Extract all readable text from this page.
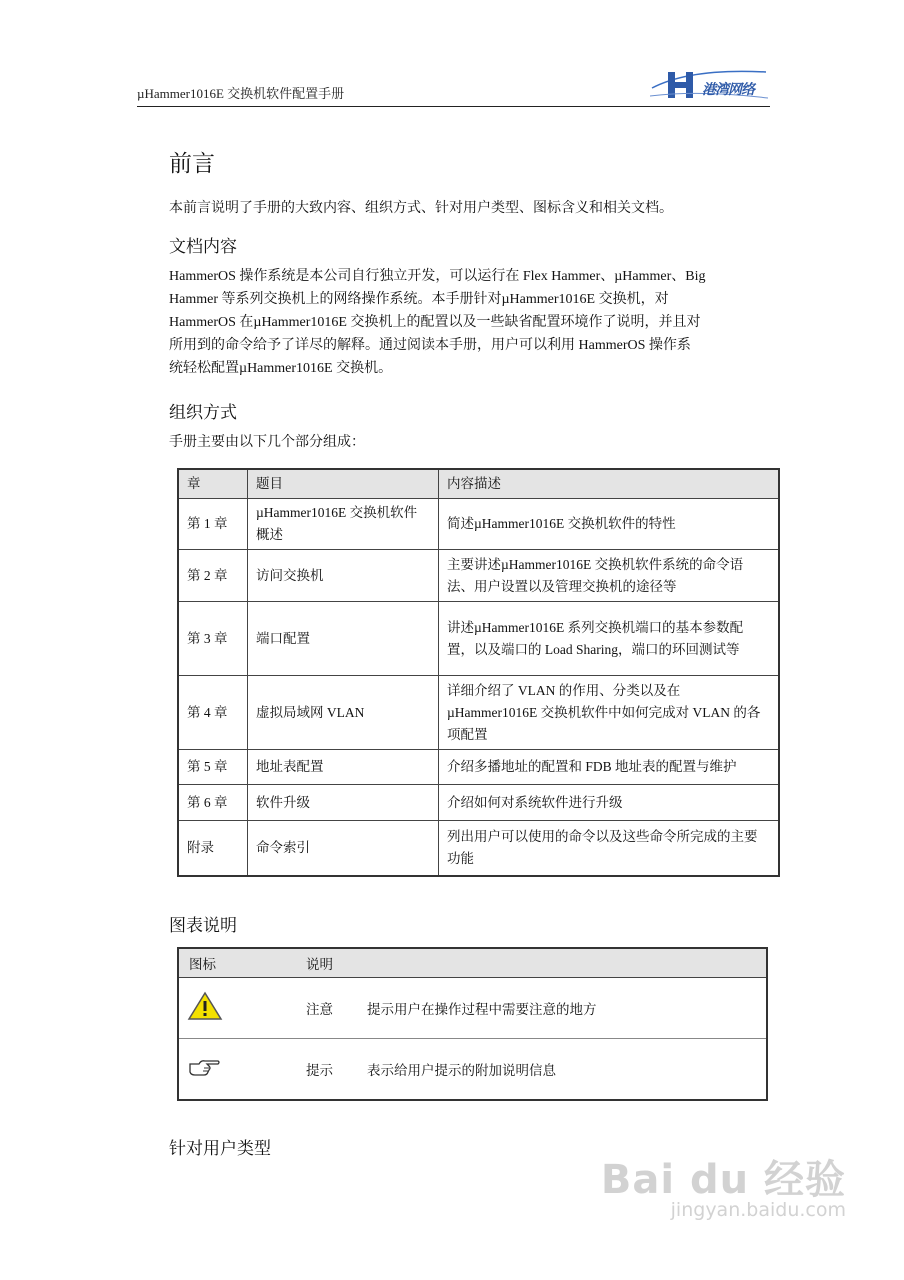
µHammer1016E 交换机软件配置手册	港湾网络
前言

本前言说明了手册的大致内容、组织方式、针对用户类型、图标含义和相关文档。

文档内容

HammerOS 操作系统是本公司自行独立开发，可以运行在 Flex Hammer、µHammer、Big
Hammer 等系列交换机上的网络操作系统。本手册针对µHammer1016E 交换机，对
HammerOS 在µHammer1016E 交换机上的配置以及一些缺省配置环境作了说明，并且对
所用到的命令给予了详尽的解释。通过阅读本手册，用户可以利用 HammerOS 操作系
统轻松配置µHammer1016E 交换机。

组织方式

手册主要由以下几个部分组成：

图表说明
针对用户类型
章	题目	内容描述
第 1 章	µHammer1016E 交换机软件概述	简述µHammer1016E 交换机软件的特性
第 2 章	访问交换机	主要讲述µHammer1016E 交换机软件系统的命令语法、用户设置以及管理交换机的途径等
第 3 章	端口配置	讲述µHammer1016E 系列交换机端口的基本参数配置，以及端口的 Load Sharing，端口的环回测试等
第 4 章	虚拟局域网 VLAN	详细介绍了 VLAN 的作用、分类以及在µHammer1016E 交换机软件中如何完成对 VLAN 的各项配置
第 5 章	地址表配置	介绍多播地址的配置和 FDB 地址表的配置与维护
第 6 章	软件升级	介绍如何对系统软件进行升级
附录	命令索引	列出用户可以使用的命令以及这些命令所完成的主要功能
图标	说明	
	注意	提示用户在操作过程中需要注意的地方
	提示	表示给用户提示的附加说明信息
Bai du 经验
jingyan.baidu.com
